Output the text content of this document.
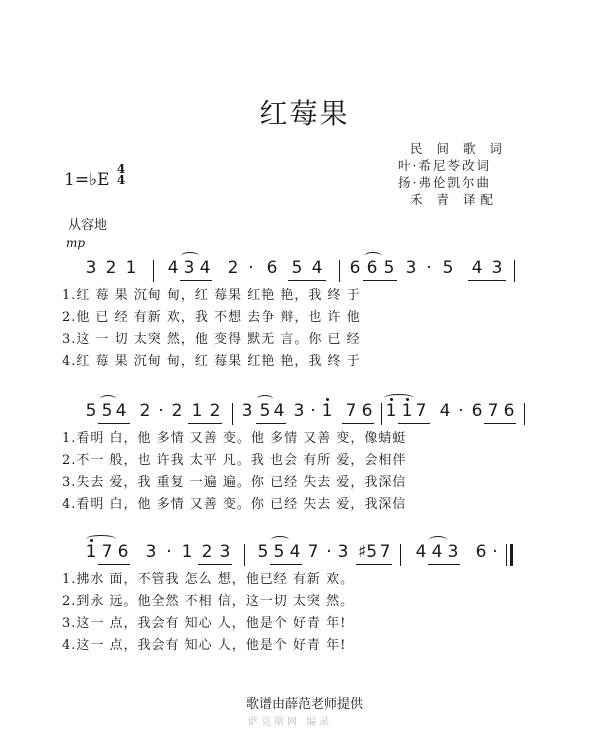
红莓果
民 间 歌 词
叶·希尼苓改词
扬·弗伦凯尔曲
禾 青 译配
1=♭E
4
4
从容地
mp
3 2 1 4 3 4 2 · 6 5 4 6 6 5 3 · 5 4 3
1.红 莓 果 沉甸 甸，红 莓果 红艳 艳，我 终 于
2.他 已 经 有新 欢，我 不想 去争 辩，也 许 他
3.这 一 切 太突 然，他 变得 默无 言。你 已 经
4.红 莓 果 沉甸 甸，红 莓果 红艳 艳，我 终 于
5 5 4 2 · 2 1 2 3 5 4 3 · 1 7 6 1 1 7 4 · 6 7 6
1.看明 白，他 多情 又善 变。他 多情 又善 变，像蜻蜓
2.不一 般，也 许我 太平 凡。我 也会 有所 爱，会相伴
3.失去 爱，我 重复 一遍 遍。你 已经 失去 爱，我深信
4.看明 白，他 多情 又善 变。你 已经 失去 爱，我深信
1 7 6 3 · 1 2 3 5 5 4 7 · 3 ♯5 7 4 4 3 6 ·
1.拂水 面，不管我 怎么 想，他已经 有新 欢。
2.到永 远。他全然 不相 信，这一切 太突 然。
3.这一 点，我会有 知心 人，他是个 好青 年!
4.这一 点，我会有 知心 人，他是个 好青 年!
歌谱由薛范老师提供
萨克斯网 编录
